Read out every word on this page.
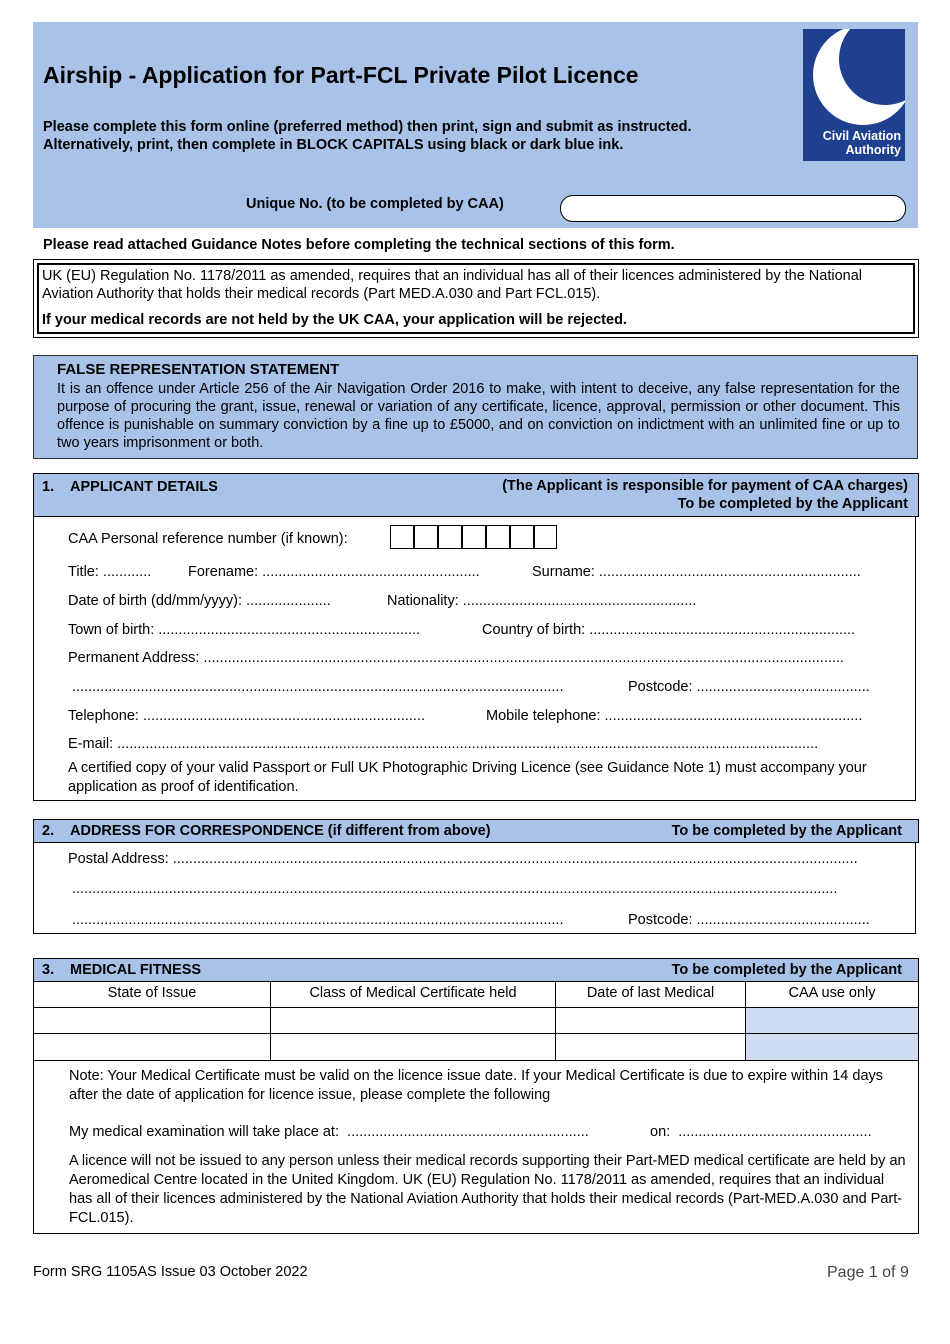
Airship - Application for Part-FCL Private Pilot Licence
Please complete this form online (preferred method) then print, sign and submit as instructed.
Alternatively, print, then complete in BLOCK CAPITALS using black or dark blue ink.
Civil Aviation
Authority
Unique No. (to be completed by CAA)
Please read attached Guidance Notes before completing the technical sections of this form.
UK (EU) Regulation No. 1178/2011 as amended, requires that an individual has all of their licences administered by the National Aviation Authority that holds their medical records (Part MED.A.030 and Part FCL.015).
If your medical records are not held by the UK CAA, your application will be rejected.
FALSE REPRESENTATION STATEMENT
It is an offence under Article 256 of the Air Navigation Order 2016 to make, with intent to deceive, any false representation for the purpose of procuring the grant, issue, renewal or variation of any certificate, licence, approval, permission or other document. This offence is punishable on summary conviction by a fine up to £5000, and on conviction on indictment with an unlimited fine or up to two years imprisonment or both.
1. APPLICANT DETAILS	(The Applicant is responsible for payment of CAA charges)
To be completed by the Applicant
CAA Personal reference number (if known):
Title: ............	Forename: ......................................................	Surname: .................................................................
Date of birth (dd/mm/yyyy): .....................	Nationality: ..........................................................
Town of birth: .................................................................	Country of birth: ..................................................................
Permanent Address: ...............................................................................................................................................................
..........................................................................................................................	Postcode: ...........................................
Telephone: ......................................................................	Mobile telephone: ................................................................
E-mail: ..............................................................................................................................................................................
A certified copy of your valid Passport or Full UK Photographic Driving Licence (see Guidance Note 1) must accompany your application as proof of identification.
2. ADDRESS FOR CORRESPONDENCE (if different from above)	To be completed by the Applicant
Postal Address: ..........................................................................................................................................................................
..............................................................................................................................................................................................
..........................................................................................................................	Postcode: ...........................................
3. MEDICAL FITNESS	To be completed by the Applicant
State of Issue	Class of Medical Certificate held	Date of last Medical	CAA use only
Note: Your Medical Certificate must be valid on the licence issue date. If your Medical Certificate is due to expire within 14 days after the date of application for licence issue, please complete the following
My medical examination will take place at: ............................................................	on: ................................................
A licence will not be issued to any person unless their medical records supporting their Part-MED medical certificate are held by an Aeromedical Centre located in the United Kingdom. UK (EU) Regulation No. 1178/2011 as amended, requires that an individual has all of their licences administered by the National Aviation Authority that holds their medical records (Part-MED.A.030 and Part-FCL.015).
Form SRG 1105AS Issue 03 October 2022	Page 1 of 9
